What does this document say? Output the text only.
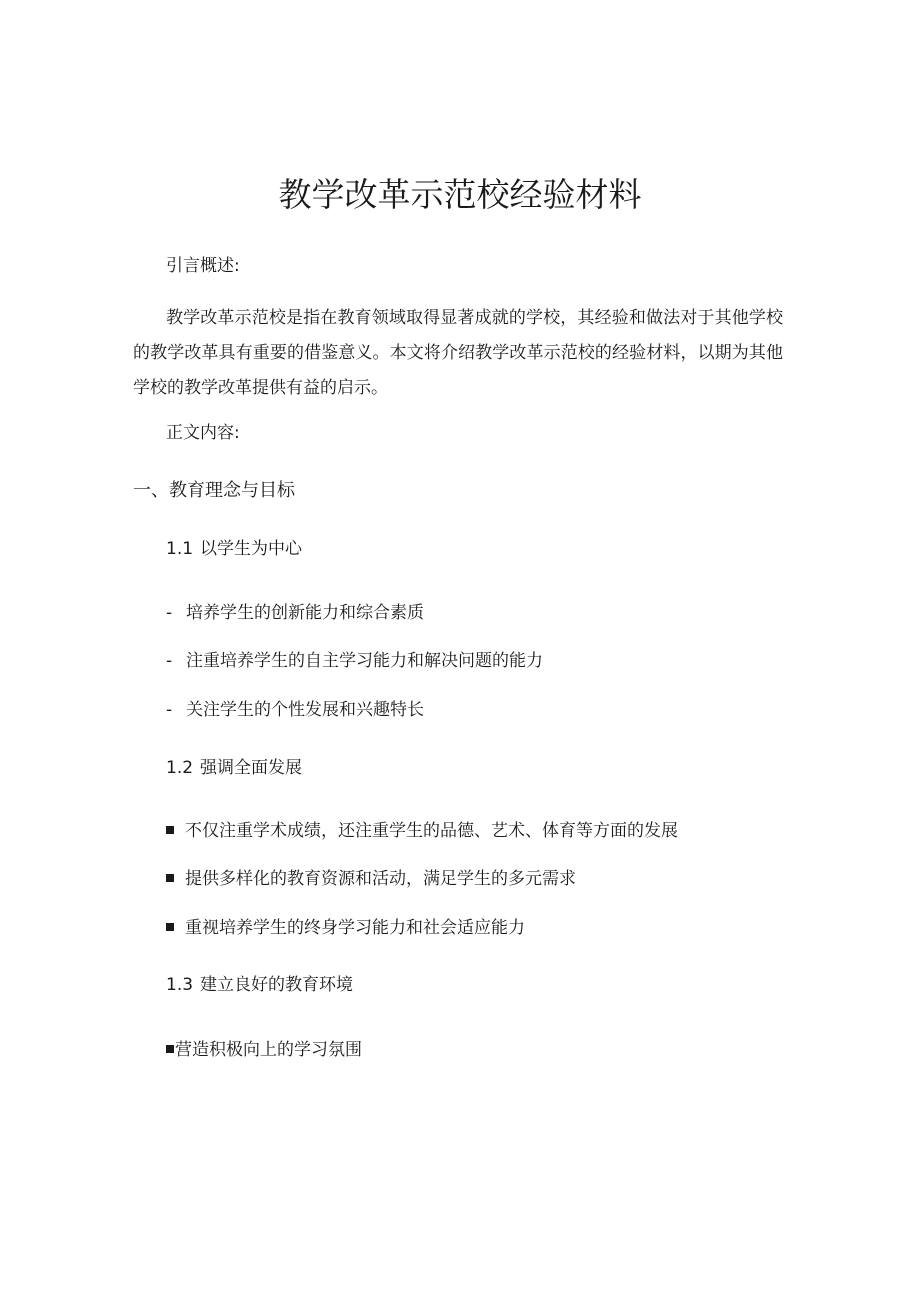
教学改革示范校经验材料
引言概述:
教学改革示范校是指在教育领域取得显著成就的学校，其经验和做法对于其他学校的教学改革具有重要的借鉴意义。本文将介绍教学改革示范校的经验材料，以期为其他学校的教学改革提供有益的启示。
正文内容:
一、教育理念与目标
1.1 以学生为中心
- 培养学生的创新能力和综合素质
- 注重培养学生的自主学习能力和解决问题的能力
- 关注学生的个性发展和兴趣特长
1.2 强调全面发展
不仅注重学术成绩，还注重学生的品德、艺术、体育等方面的发展
提供多样化的教育资源和活动，满足学生的多元需求
重视培养学生的终身学习能力和社会适应能力
1.3 建立良好的教育环境
营造积极向上的学习氛围
